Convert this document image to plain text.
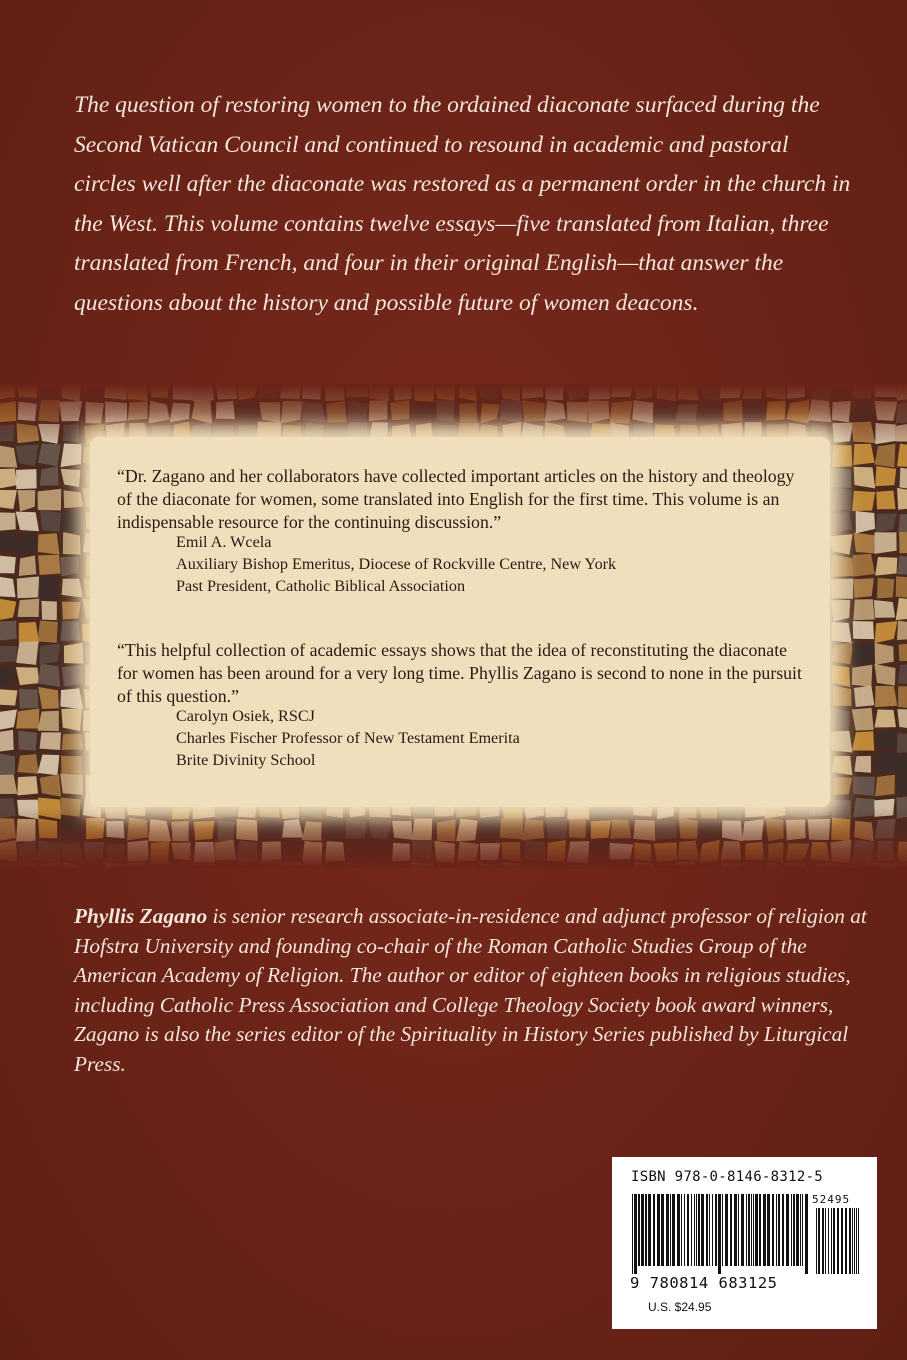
The question of restoring women to the ordained diaconate surfaced during the Second Vatican Council and continued to resound in academic and pastoral circles well after the diaconate was restored as a permanent order in the church in the West. This volume contains twelve essays—five translated from Italian, three translated from French, and four in their original English—that answer the questions about the history and possible future of women deacons.

“Dr. Zagano and her collaborators have collected important articles on the history and theology of the diaconate for women, some translated into English for the first time. This volume is an indispensable resource for the continuing discussion.”

Emil A. Wcela
Auxiliary Bishop Emeritus, Diocese of Rockville Centre, New York
Past President, Catholic Biblical Association

“This helpful collection of academic essays shows that the idea of reconstituting the diaconate for women has been around for a very long time. Phyllis Zagano is second to none in the pursuit of this question.”

Carolyn Osiek, RSCJ
Charles Fischer Professor of New Testament Emerita
Brite Divinity School

Phyllis Zagano is senior research associate-in-residence and adjunct professor of religion at Hofstra University and founding co-chair of the Roman Catholic Studies Group of the American Academy of Religion. The author or editor of eighteen books in religious studies, including Catholic Press Association and College Theology Society book award winners, Zagano is also the series editor of the Spirituality in History Series published by Liturgical Press.

ISBN 978-0-8146-8312-5
52495
9 780814 683125
U.S. $24.95
